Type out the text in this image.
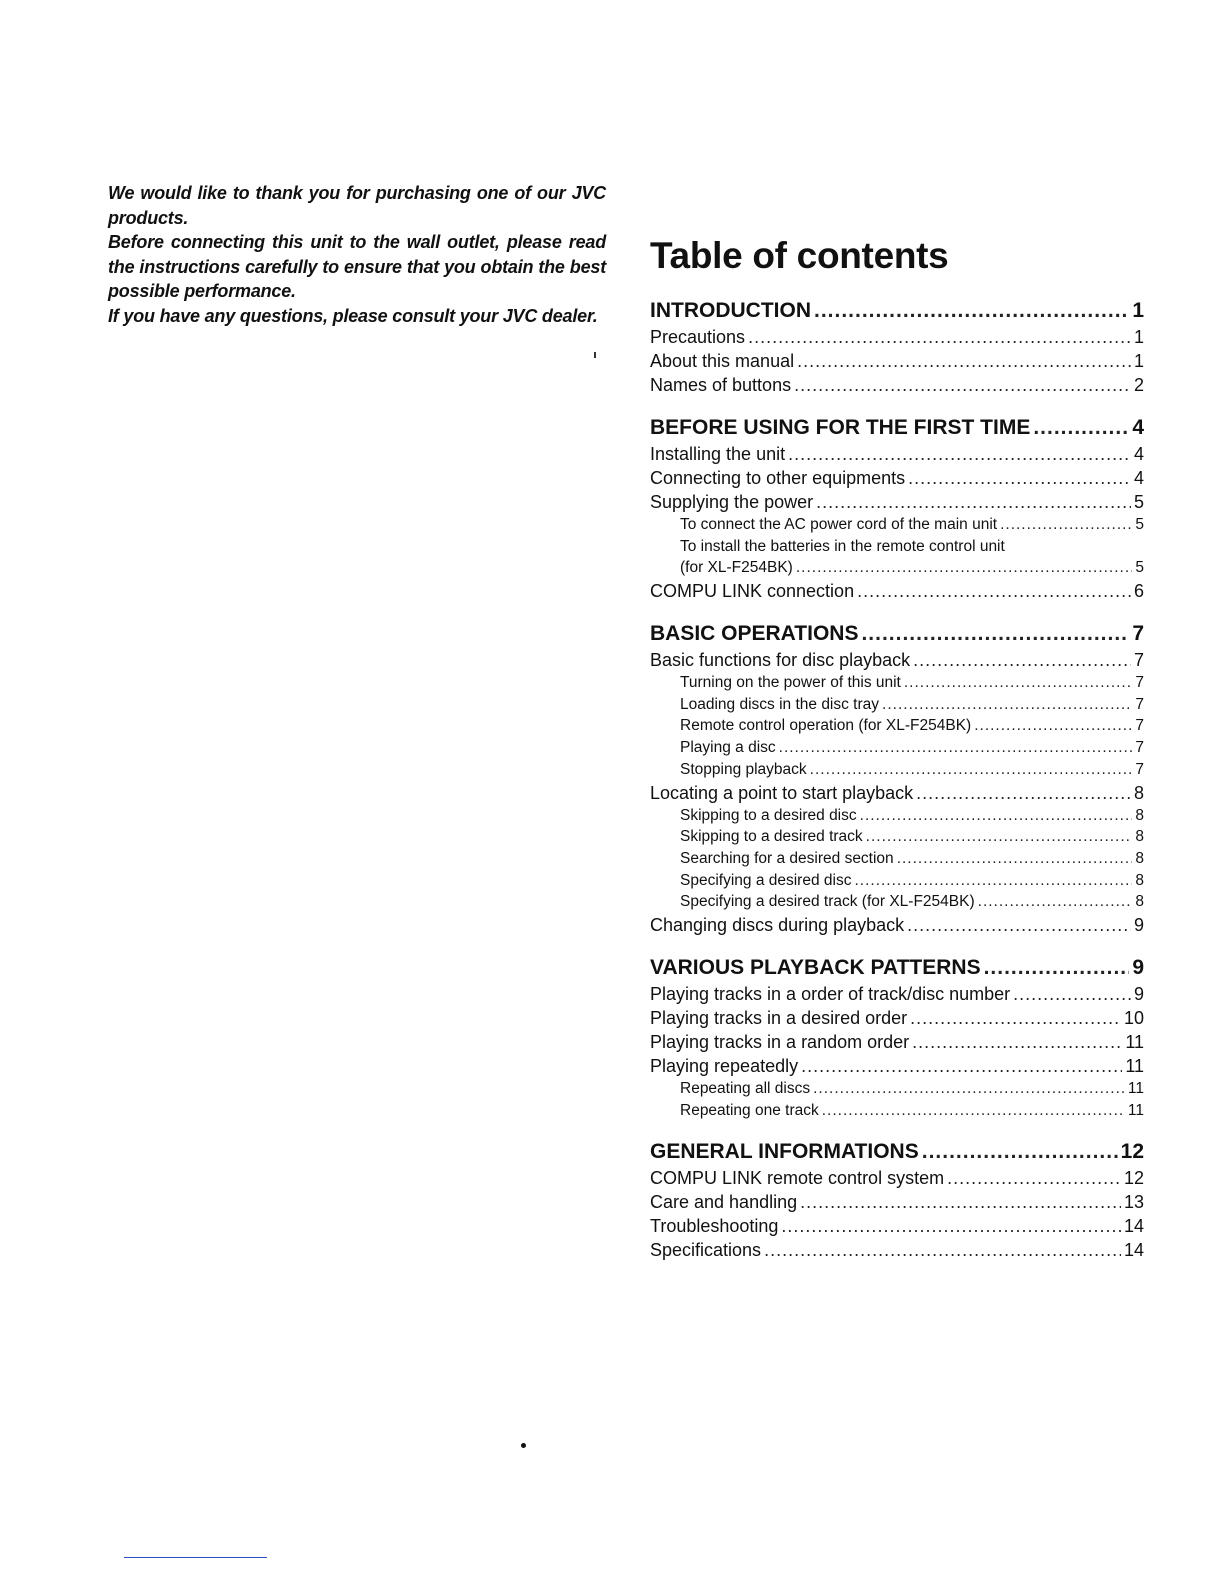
We would like to thank you for purchasing one of our JVC products.

Before connecting this unit to the wall outlet, please read the instructions carefully to ensure that you obtain the best possible performance.

If you have any questions, please consult your JVC dealer.

Table of contents
INTRODUCTION .....	1
Precautions .....	1
About this manual .....	1
Names of buttons .....	2
BEFORE USING FOR THE FIRST TIME .....	4
Installing the unit .....	4
Connecting to other equipments .....	4
Supplying the power .....	5
To connect the AC power cord of the main unit .....	5
To install the batteries in the remote control unit
(for XL-F254BK) .....	5
COMPU LINK connection .....	6
BASIC OPERATIONS .....	7
Basic functions for disc playback .....	7
Turning on the power of this unit .....	7
Loading discs in the disc tray .....	7
Remote control operation (for XL-F254BK) .....	7
Playing a disc .....	7
Stopping playback .....	7
Locating a point to start playback .....	8
Skipping to a desired disc .....	8
Skipping to a desired track .....	8
Searching for a desired section .....	8
Specifying a desired disc .....	8
Specifying a desired track (for XL-F254BK) .....	8
Changing discs during playback .....	9
VARIOUS PLAYBACK PATTERNS .....	9
Playing tracks in a order of track/disc number .....	9
Playing tracks in a desired order .....	10
Playing tracks in a random order .....	11
Playing repeatedly .....	11
Repeating all discs .....	11
Repeating one track .....	11
GENERAL INFORMATIONS .....	12
COMPU LINK remote control system .....	12
Care and handling .....	13
Troubleshooting .....	14
Specifications .....	14
